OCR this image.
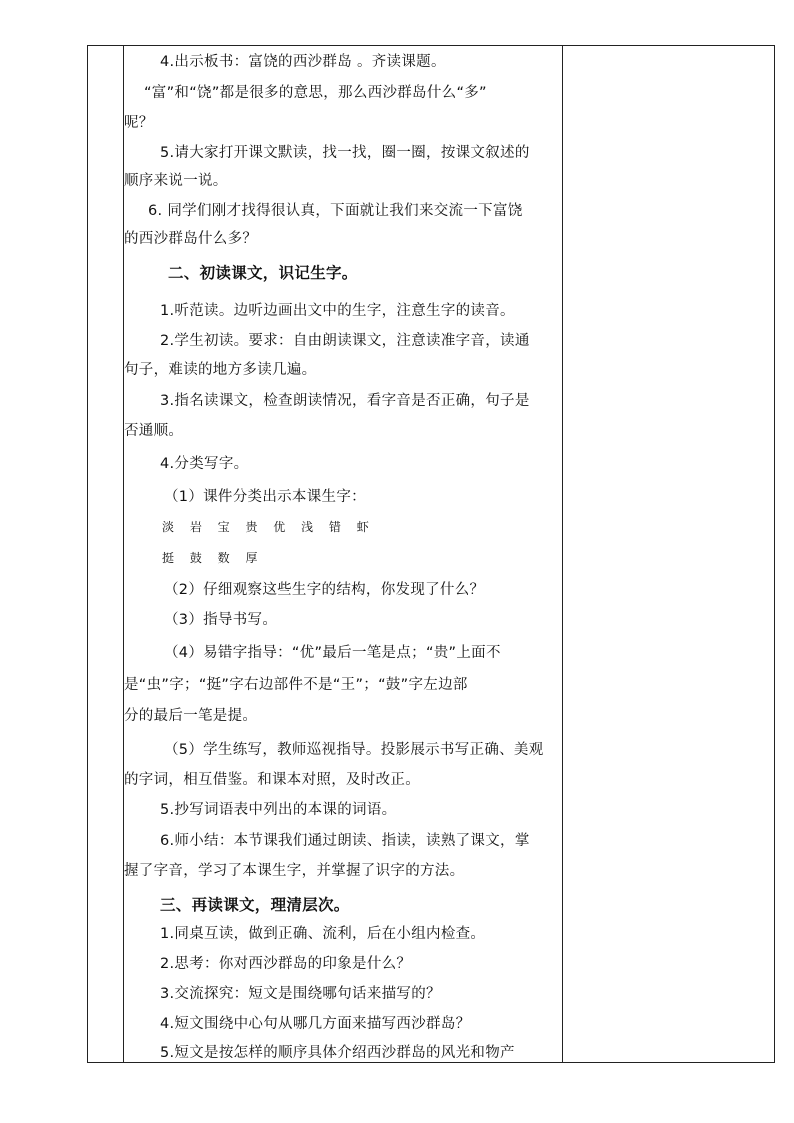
4.出示板书：富饶的西沙群岛 。齐读课题。
“富”和“饶”都是很多的意思，那么西沙群岛什么“多”
呢？
5.请大家打开课文默读，找一找，圈一圈，按课文叙述的
顺序来说一说。
6. 同学们刚才找得很认真，下面就让我们来交流一下富饶
的西沙群岛什么多？
二、初读课文，识记生字。
1.听范读。边听边画出文中的生字，注意生字的读音。
2.学生初读。要求：自由朗读课文，注意读准字音，读通
句子，难读的地方多读几遍。
3.指名读课文，检查朗读情况，看字音是否正确，句子是
否通顺。
4.分类写字。
（1）课件分类出示本课生字：
淡 岩 宝 贵 优 浅 错 虾
挺 鼓 数 厚
（2）仔细观察这些生字的结构，你发现了什么？
（3）指导书写。
（4）易错字指导：“优”最后一笔是点；“贵”上面不
是“虫”字；“挺”字右边部件不是“王”；“鼓”字左边部
分的最后一笔是提。
（5）学生练写，教师巡视指导。投影展示书写正确、美观
的字词，相互借鉴。和课本对照，及时改正。
5.抄写词语表中列出的本课的词语。
6.师小结：本节课我们通过朗读、指读，读熟了课文，掌
握了字音，学习了本课生字，并掌握了识字的方法。
三、再读课文，理清层次。
1.同桌互读，做到正确、流利，后在小组内检查。
2.思考：你对西沙群岛的印象是什么？
3.交流探究：短文是围绕哪句话来描写的？
4.短文围绕中心句从哪几方面来描写西沙群岛？
5.短文是按怎样的顺序具体介绍西沙群岛的风光和物产
